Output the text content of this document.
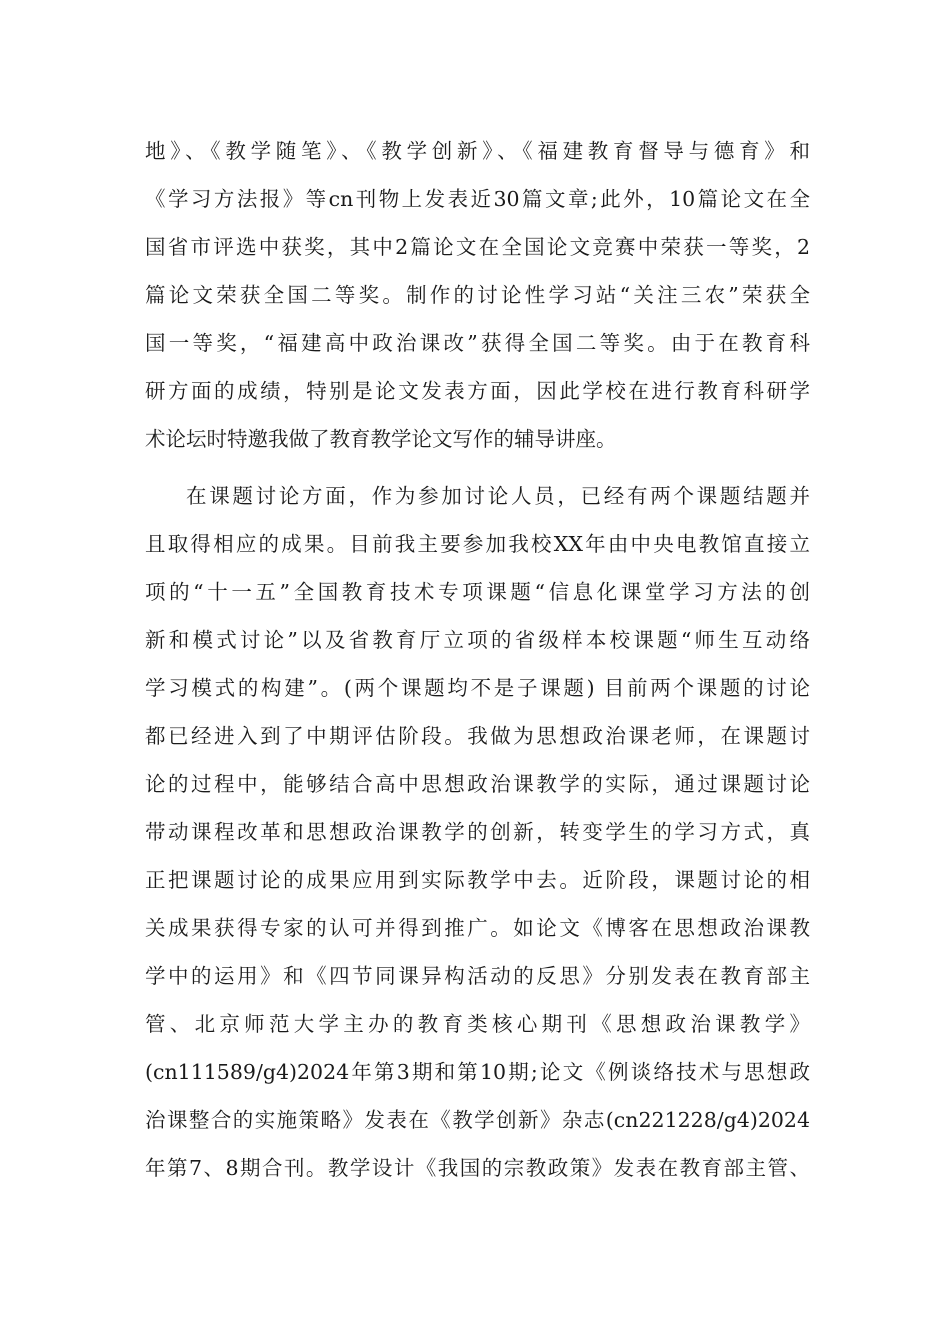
地》、《教学随笔》、《教学创新》、《福建教育督导与德育》和
《学习方法报》等cn刊物上发表近30篇文章;此外，10篇论文在全
国省市评选中获奖，其中2篇论文在全国论文竞赛中荣获一等奖，2
篇论文荣获全国二等奖。制作的讨论性学习站“关注三农”荣获全
国一等奖，“福建高中政治课改”获得全国二等奖。由于在教育科
研方面的成绩，特别是论文发表方面，因此学校在进行教育科研学
术论坛时特邀我做了教育教学论文写作的辅导讲座。
在课题讨论方面，作为参加讨论人员，已经有两个课题结题并
且取得相应的成果。目前我主要参加我校XX年由中央电教馆直接立
项的“十一五”全国教育技术专项课题“信息化课堂学习方法的创
新和模式讨论”以及省教育厅立项的省级样本校课题“师生互动络
学习模式的构建”。(两个课题均不是子课题) 目前两个课题的讨论
都已经进入到了中期评估阶段。我做为思想政治课老师，在课题讨
论的过程中，能够结合高中思想政治课教学的实际，通过课题讨论
带动课程改革和思想政治课教学的创新，转变学生的学习方式，真
正把课题讨论的成果应用到实际教学中去。近阶段，课题讨论的相
关成果获得专家的认可并得到推广。如论文《博客在思想政治课教
学中的运用》和《四节同课异构活动的反思》分别发表在教育部主
管、北京师范大学主办的教育类核心期刊《思想政治课教学》
(cn111589/g4)2024年第3期和第10期;论文《例谈络技术与思想政
治课整合的实施策略》发表在《教学创新》杂志(cn221228/g4)2024
年第7、8期合刊。教学设计《我国的宗教政策》发表在教育部主管、
